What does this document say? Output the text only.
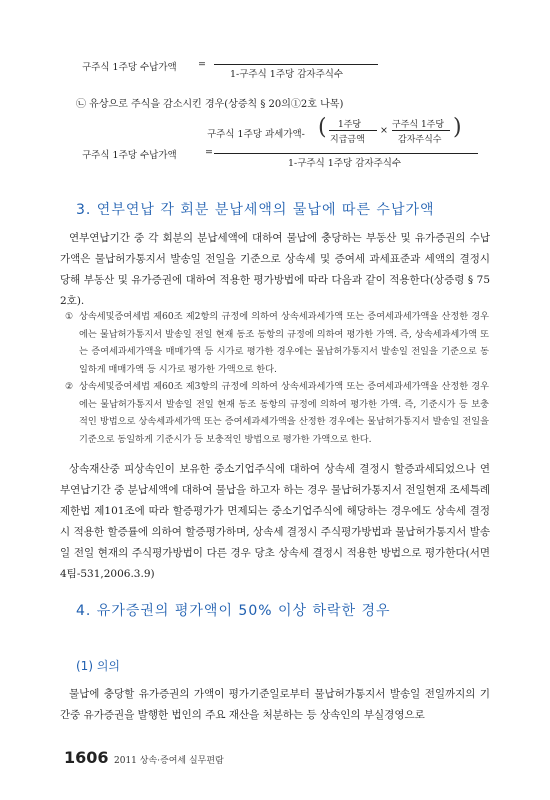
구주식 1주당 수납가액 =
1-구주식 1주당 감자주식수
㉡ 유상으로 주식을 감소시킨 경우(상증칙 § 20의①2호 나목)
구주식 1주당 과세가액- ( 1주당
지급금액
× 구주식 1주당
감자주식수 )
구주식 1주당 수납가액	=
1-구주식 1주당 감자주식수
3. 연부연납 각 회분 분납세액의 물납에 따른 수납가액
연부연납기간 중 각 회분의 분납세액에 대하여 물납에 충당하는 부동산 및 유가증권의 수납가액은 물납허가통지서 발송일 전일을 기준으로 상속세 및 증여세 과세표준과 세액의 결정시 당해 부동산 및 유가증권에 대하여 적용한 평가방법에 따라 다음과 같이 적용한다(상증령 § 75 2호).
① 상속세및증여세법 제60조 제2항의 규정에 의하여 상속세과세가액 또는 증여세과세가액을 산정한 경우에는 물납허가통지서 발송일 전일 현재 동조 동항의 규정에 의하여 평가한 가액. 즉, 상속세과세가액 또는 증여세과세가액을 매매가액 등 시가로 평가한 경우에는 물납허가통지서 발송일 전일을 기준으로 동일하게 매매가액 등 시가로 평가한 가액으로 한다.
② 상속세및증여세법 제60조 제3항의 규정에 의하여 상속세과세가액 또는 증여세과세가액을 산정한 경우에는 물납허가통지서 발송일 전일 현재 동조 동항의 규정에 의하여 평가한 가액. 즉, 기준시가 등 보충적인 방법으로 상속세과세가액 또는 증여세과세가액을 산정한 경우에는 물납허가통지서 발송일 전일을 기준으로 동일하게 기준시가 등 보충적인 방법으로 평가한 가액으로 한다.
상속재산중 피상속인이 보유한 중소기업주식에 대하여 상속세 결정시 할증과세되었으나 연부연납기간 중 분납세액에 대하여 물납을 하고자 하는 경우 물납허가통지서 전일현재 조세특례제한법 제101조에 따라 할증평가가 면제되는 중소기업주식에 해당하는 경우에도 상속세 결정시 적용한 할증률에 의하여 할증평가하며, 상속세 결정시 주식평가방법과 물납허가통지서 발송일 전일 현재의 주식평가방법이 다른 경우 당초 상속세 결정시 적용한 방법으로 평가한다(서면4팀-531,2006.3.9)
4. 유가증권의 평가액이 50% 이상 하락한 경우
(1) 의의
물납에 충당할 유가증권의 가액이 평가기준일로부터 물납허가통지서 발송일 전일까지의 기간중 유가증권을 발행한 법인의 주요 재산을 처분하는 등 상속인의 부실경영으로
1606 2011 상속·증여세 실무편람
